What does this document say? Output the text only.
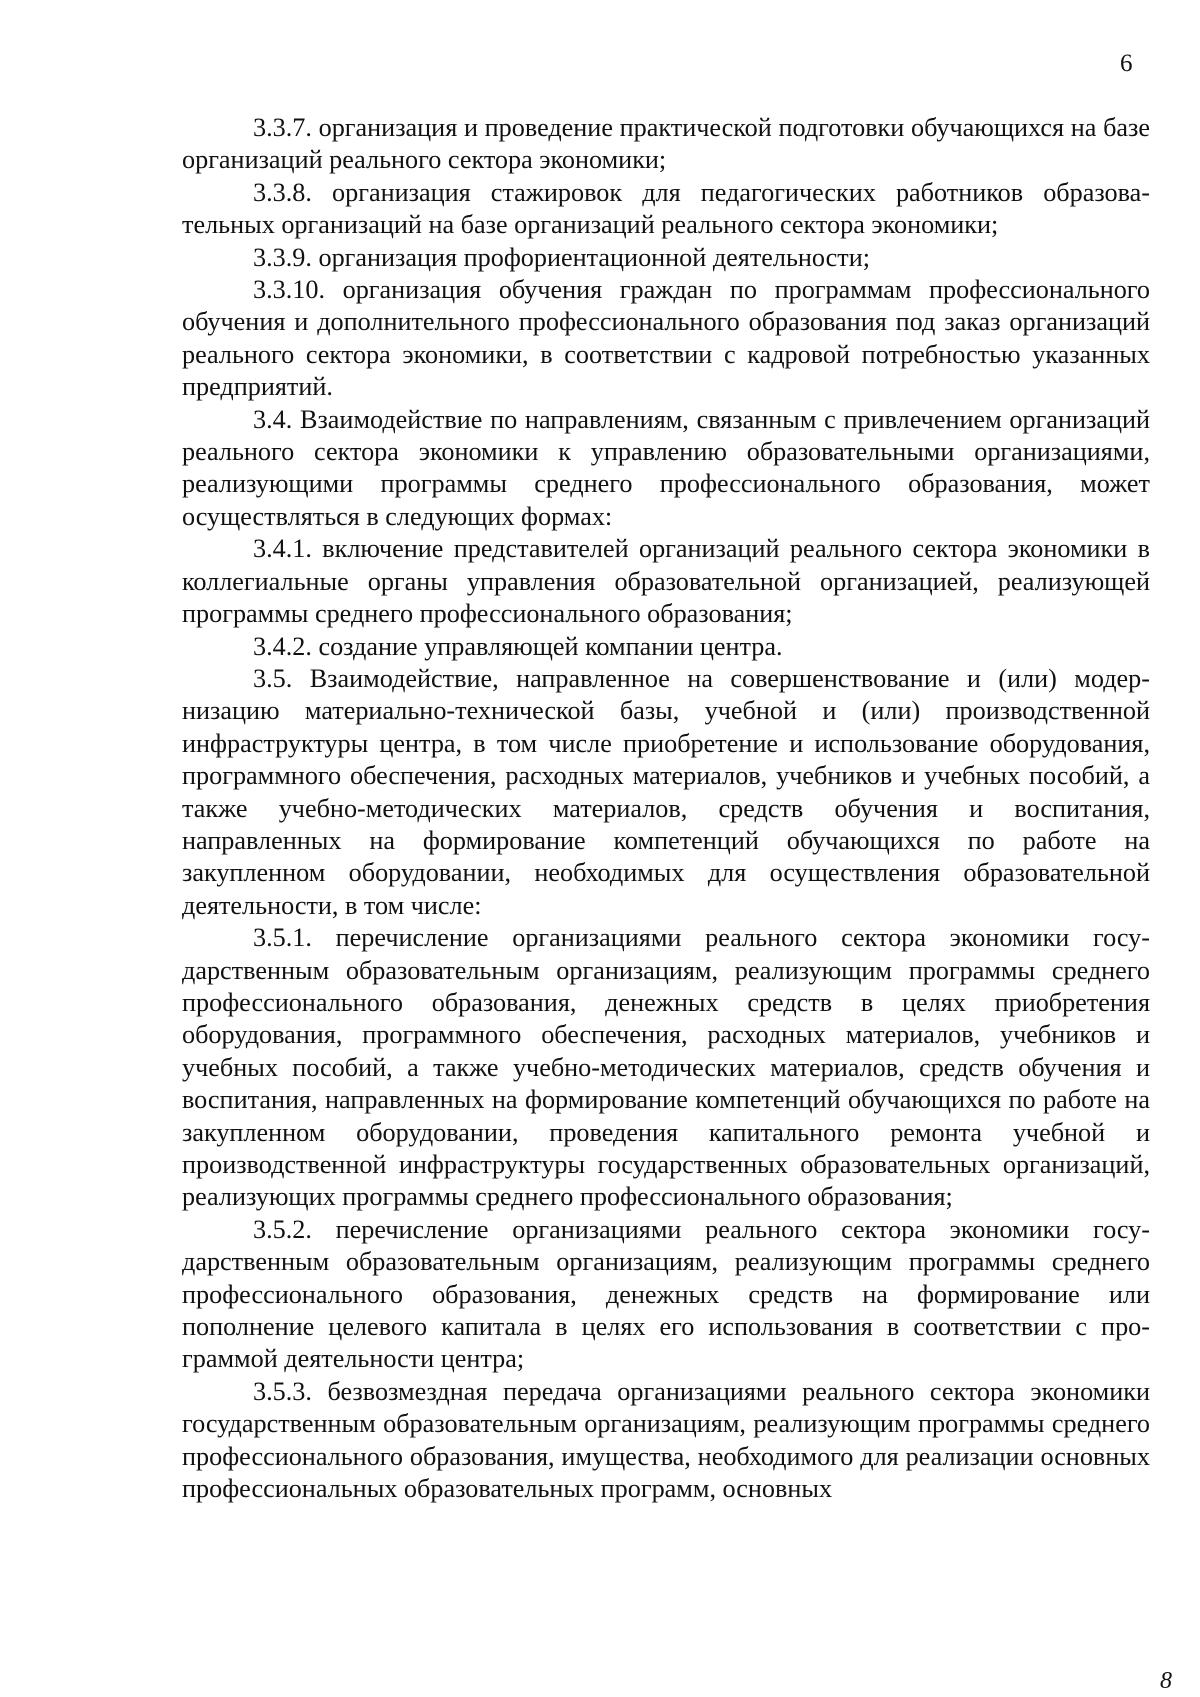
6

3.3.7. организация и проведение практической подготовки обучающихся на базе организаций реального сектора экономики;

3.3.8. организация стажировок для педагогических работников образовательных организаций на базе организаций реального сектора экономики;

3.3.9. организация профориентационной деятельности;

3.3.10. организация обучения граждан по программам профессионального обучения и дополнительного профессионального образования под заказ организаций реального сектора экономики, в соответствии с кадровой потребностью указанных предприятий.

3.4. Взаимодействие по направлениям, связанным с привлечением организаций реального сектора экономики к управлению образовательными организациями, реализующими программы среднего профессионального образования, может осуществляться в следующих формах:

3.4.1. включение представителей организаций реального сектора экономики в коллегиальные органы управления образовательной организацией, реализующей программы среднего профессионального образования;

3.4.2. создание управляющей компании центра.

3.5. Взаимодействие, направленное на совершенствование и (или) модернизацию материально-технической базы, учебной и (или) производственной инфраструктуры центра, в том числе приобретение и использование оборудования, программного обеспечения, расходных материалов, учебников и учебных пособий, а также учебно-методических материалов, средств обучения и воспитания, направленных на формирование компетенций обучающихся по работе на закупленном оборудовании, необходимых для осуществления образовательной деятельности, в том числе:

3.5.1. перечисление организациями реального сектора экономики государственным образовательным организациям, реализующим программы среднего профессионального образования, денежных средств в целях приобретения оборудования, программного обеспечения, расходных материалов, учебников и учебных пособий, а также учебно-методических материалов, средств обучения и воспитания, направленных на формирование компетенций обучающихся по работе на закупленном оборудовании, проведения капитального ремонта учебной и производственной инфраструктуры государственных образовательных организаций, реализующих программы среднего профессионального образования;

3.5.2. перечисление организациями реального сектора экономики государственным образовательным организациям, реализующим программы среднего профессионального образования, денежных средств на формирование или пополнение целевого капитала в целях его использования в соответствии с программой деятельности центра;

3.5.3. безвозмездная передача организациями реального сектора экономики государственным образовательным организациям, реализующим программы среднего профессионального образования, имущества, необходимого для реализации основных профессиональных образовательных программ, основных

8
